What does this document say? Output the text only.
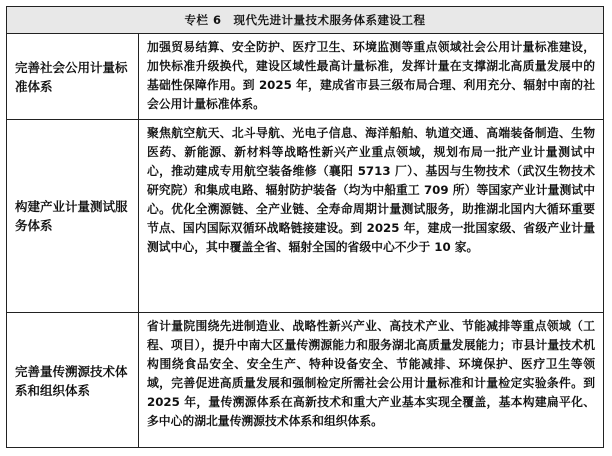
专栏 6　现代先进计量技术服务体系建设工程
完善社会公用计量标准体系
加强贸易结算、安全防护、医疗卫生、环境监测等重点领域社会公用计量标准建设，加快标准升级换代，建设区域性最高计量标准，发挥计量在支撑湖北高质量发展中的基础性保障作用。到 2025 年，建成省市县三级布局合理、利用充分、辐射中南的社会公用计量标准体系。
构建产业计量测试服务体系
聚焦航空航天、北斗导航、光电子信息、海洋船舶、轨道交通、高端装备制造、生物医药、新能源、新材料等战略性新兴产业重点领域，规划布局一批产业计量测试中心，推动建成专用航空装备维修（襄阳 5713 厂）、基因与生物技术（武汉生物技术研究院）和集成电路、辐射防护装备（均为中船重工 709 所）等国家产业计量测试中心。优化全溯源链、全产业链、全寿命周期计量测试服务，助推湖北国内大循环重要节点、国内国际双循环战略链接建设。到 2025 年，建成一批国家级、省级产业计量测试中心，其中覆盖全省、辐射全国的省级中心不少于 10 家。
完善量传溯源技术体系和组织体系
省计量院围绕先进制造业、战略性新兴产业、高技术产业、节能减排等重点领域（工程、项目），提升中南大区量传溯源能力和服务湖北高质量发展能力；市县计量技术机构围绕食品安全、安全生产、特种设备安全、节能减排、环境保护、医疗卫生等领域，完善促进高质量发展和强制检定所需社会公用计量标准和计量检定实验条件。到 2025 年，量传溯源体系在高新技术和重大产业基本实现全覆盖，基本构建扁平化、多中心的湖北量传溯源技术体系和组织体系。
